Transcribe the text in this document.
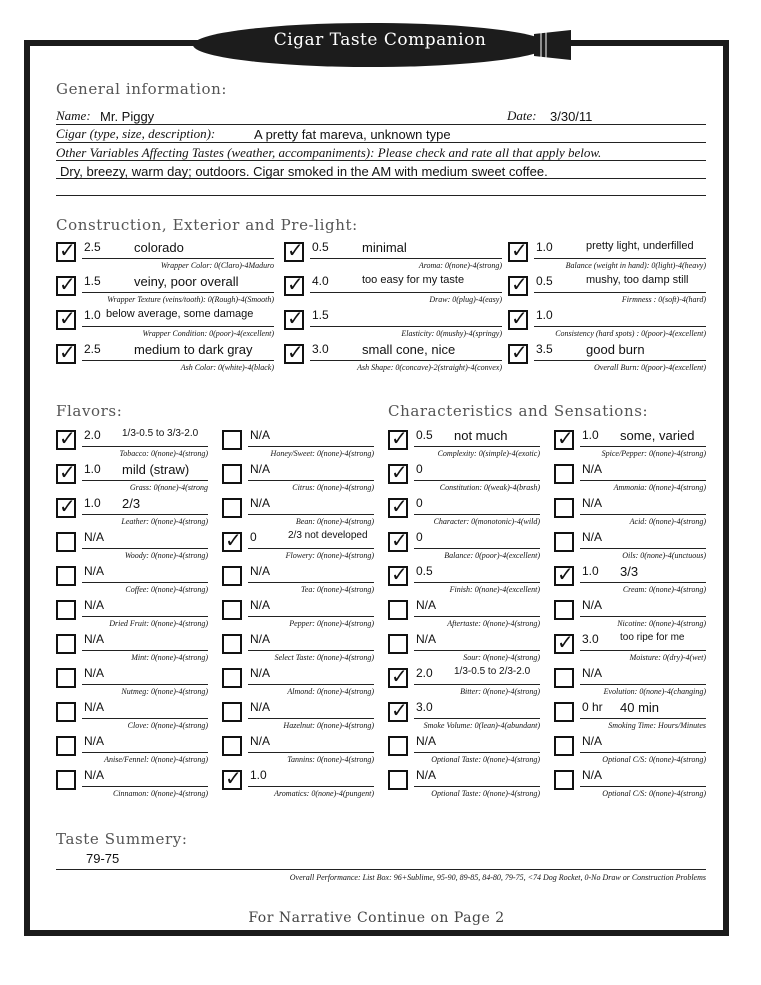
Cigar Taste Companion
General information:
Name: Mr. Piggy	Date: 3/30/11
Cigar (type, size, description):	A pretty fat mareva, unknown type
Other Variables Affecting Tastes (weather, accompaniments): Please check and rate all that apply below.
Dry, breezy, warm day; outdoors. Cigar smoked in the AM with medium sweet coffee.
Construction, Exterior and Pre-light:
Flavors:	Characteristics and Sensations:
Taste Summery:
79-75
Overall Performance: List Box: 96+Sublime, 95-90, 89-85, 84-80, 79-75, <74 Dog Rocket, 0-No Draw or Construction Problems
For Narrative Continue on Page 2
✓ 2.5	colorado
Wrapper Color: 0(Claro)-4Maduro
✓ 0.5	minimal
Aroma: 0(none)-4(strong)
✓ 1.0	pretty light, underfilled
Balance (weight in hand): 0(light)-4(heavy)
✓ 1.5	veiny, poor overall
Wrapper Texture (veins/tooth): 0(Rough)-4(Smooth)
✓ 4.0	too easy for my taste
Draw: 0(plug)-4(easy)
✓ 0.5	mushy, too damp still
Firmness : 0(soft)-4(hard)
✓ 1.0 below average, some damage
Wrapper Condition: 0(poor)-4(excellent)
✓ 1.5
Elasticity: 0(mushy)-4(springy)
✓ 1.0
Consistency (hard spots) : 0(poor)-4(excellent)
✓ 2.5	medium to dark gray
Ash Color: 0(white)-4(black)
✓ 3.0	small cone, nice
Ash Shape: 0(concave)-2(straight)-4(convex)
✓ 3.5	good burn
Overall Burn: 0(poor)-4(excellent)
✓ 2.0 1/3-0.5 to 3/3-2.0
Tobacco: 0(none)-4(strong)
✓ 1.0 mild (straw)
Grass: 0(none)-4(strong
✓ 1.0 2/3
Leather: 0(none)-4(strong)
N/A
Woody: 0(none)-4(strong)
N/A
Coffee: 0(none)-4(strong)
N/A
Dried Fruit: 0(none)-4(strong)
N/A
Mint: 0(none)-4(strong)
N/A
Nutmeg: 0(none)-4(strong)
N/A
Clove: 0(none)-4(strong)
N/A
Anise/Fennel: 0(none)-4(strong)
N/A
Cinnamon: 0(none)-4(strong)
N/A
Honey/Sweet: 0(none)-4(strong)
N/A
Citrus: 0(none)-4(strong)
N/A
Bean: 0(none)-4(strong)
✓ 0	2/3 not developed
Flowery: 0(none)-4(strong)
N/A
Tea: 0(none)-4(strong)
N/A
Pepper: 0(none)-4(strong)
N/A
Select Taste: 0(none)-4(strong)
N/A
Almond: 0(none)-4(strong)
N/A
Hazelnut: 0(none)-4(strong)
N/A
Tannins: 0(none)-4(strong)
✓ 1.0
Aromatics: 0(none)-4(pungent)
✓ 0.5 not much
Complexity: 0(simple)-4(exotic)
✓ 0
Constitution: 0(weak)-4(brash)
✓ 0
Character: 0(monotonic)-4(wild)
✓ 0
Balance: 0(poor)-4(excellent)
✓ 0.5
Finish: 0(none)-4(excellent)
N/A
Aftertaste: 0(none)-4(strong)
N/A
Sour: 0(none)-4(strong)
✓ 2.0 1/3-0.5 to 2/3-2.0
Bitter: 0(none)-4(strong)
✓ 3.0
Smoke Volume: 0(lean)-4(abundant)
N/A
Optional Taste: 0(none)-4(strong)
N/A
Optional Taste: 0(none)-4(strong)
✓ 1.0 some, varied
Spice/Pepper: 0(none)-4(strong)
N/A
Ammonia: 0(none)-4(strong)
N/A
Acid: 0(none)-4(strong)
N/A
Oils: 0(none)-4(unctuous)
✓ 1.0 3/3
Cream: 0(none)-4(strong)
N/A
Nicotine: 0(none)-4(strong)
✓ 3.0 too ripe for me
Moisture: 0(dry)-4(wet)
N/A
Evolution: 0(none)-4(changing)
0 hr 40 min
Smoking Time: Hours/Minutes
N/A
Optional C/S: 0(none)-4(strong)
N/A
Optional C/S: 0(none)-4(strong)
